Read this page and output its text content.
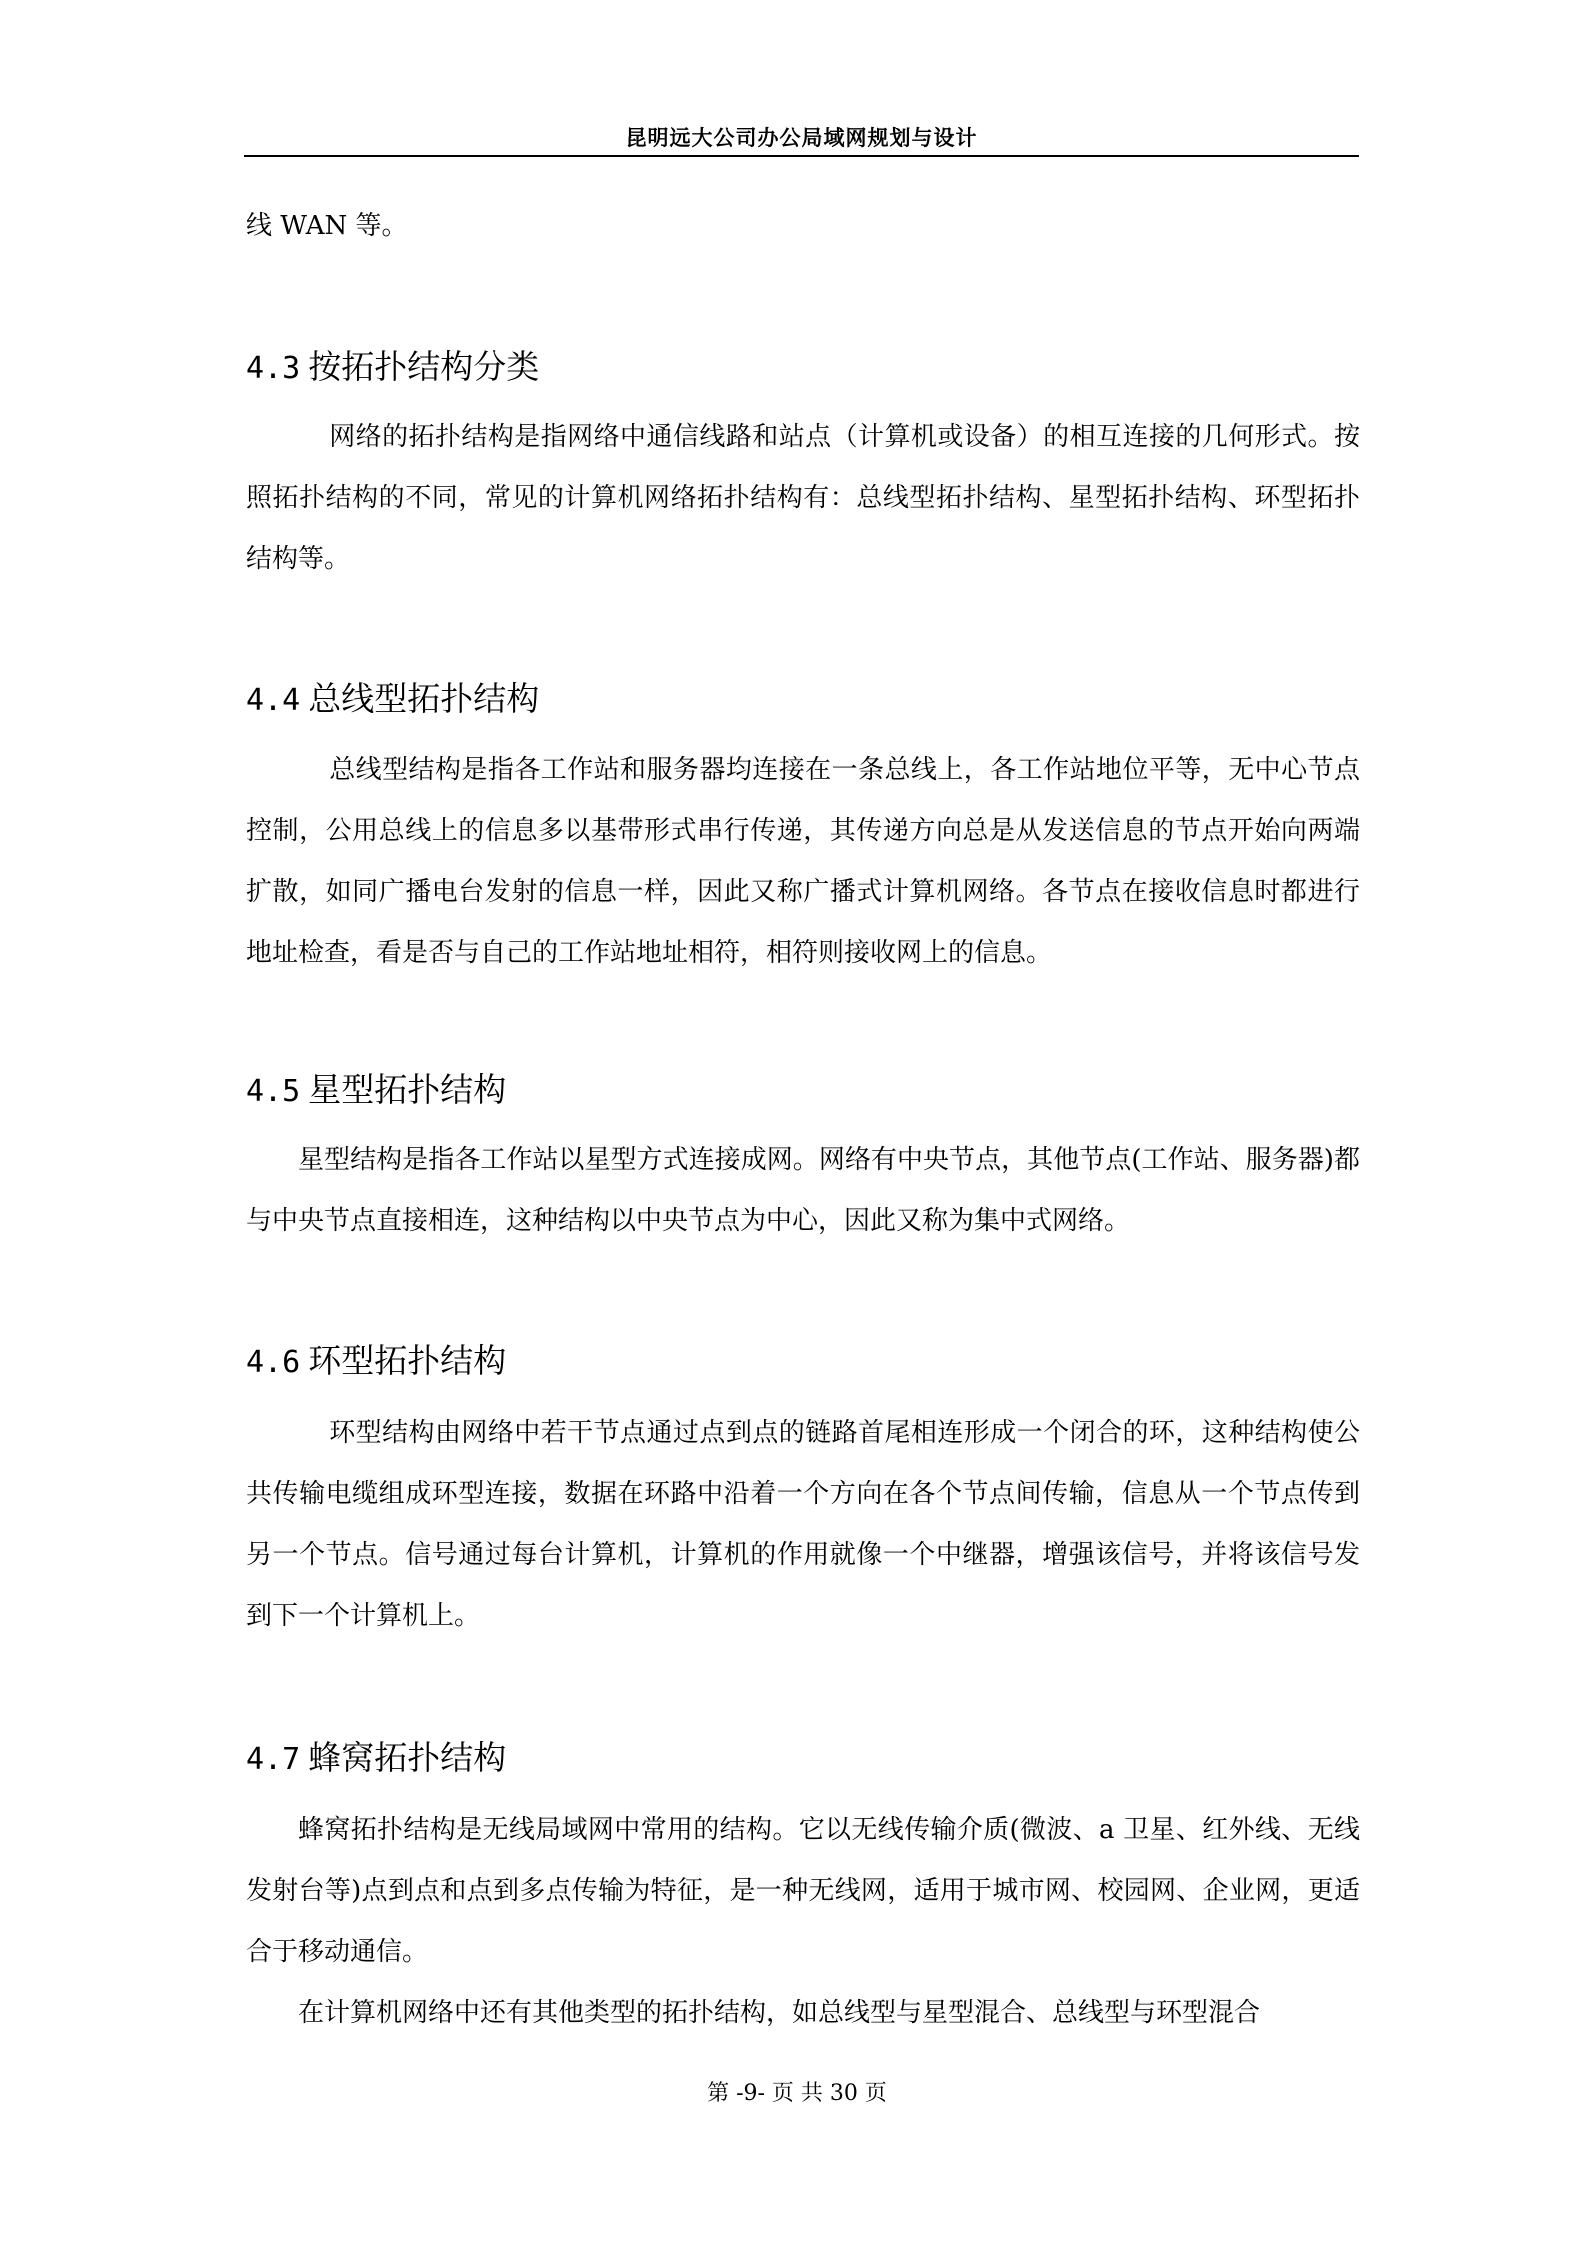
昆明远大公司办公局域网规划与设计

线 WAN 等。

4.3 按拓扑结构分类

网络的拓扑结构是指网络中通信线路和站点（计算机或设备）的相互连接的几何形式。按照拓扑结构的不同，常见的计算机网络拓扑结构有：总线型拓扑结构、星型拓扑结构、环型拓扑结构等。

4.4 总线型拓扑结构

总线型结构是指各工作站和服务器均连接在一条总线上，各工作站地位平等，无中心节点控制，公用总线上的信息多以基带形式串行传递，其传递方向总是从发送信息的节点开始向两端扩散，如同广播电台发射的信息一样，因此又称广播式计算机网络。各节点在接收信息时都进行地址检查，看是否与自己的工作站地址相符，相符则接收网上的信息。

4.5 星型拓扑结构

星型结构是指各工作站以星型方式连接成网。网络有中央节点，其他节点(工作站、服务器)都与中央节点直接相连，这种结构以中央节点为中心，因此又称为集中式网络。

4.6 环型拓扑结构

环型结构由网络中若干节点通过点到点的链路首尾相连形成一个闭合的环，这种结构使公共传输电缆组成环型连接，数据在环路中沿着一个方向在各个节点间传输，信息从一个节点传到另一个节点。信号通过每台计算机，计算机的作用就像一个中继器，增强该信号，并将该信号发到下一个计算机上。

4.7 蜂窝拓扑结构

蜂窝拓扑结构是无线局域网中常用的结构。它以无线传输介质(微波、a 卫星、红外线、无线发射台等)点到点和点到多点传输为特征，是一种无线网，适用于城市网、校园网、企业网，更适合于移动通信。

在计算机网络中还有其他类型的拓扑结构，如总线型与星型混合、总线型与环型混合

第 -9- 页 共 30 页
